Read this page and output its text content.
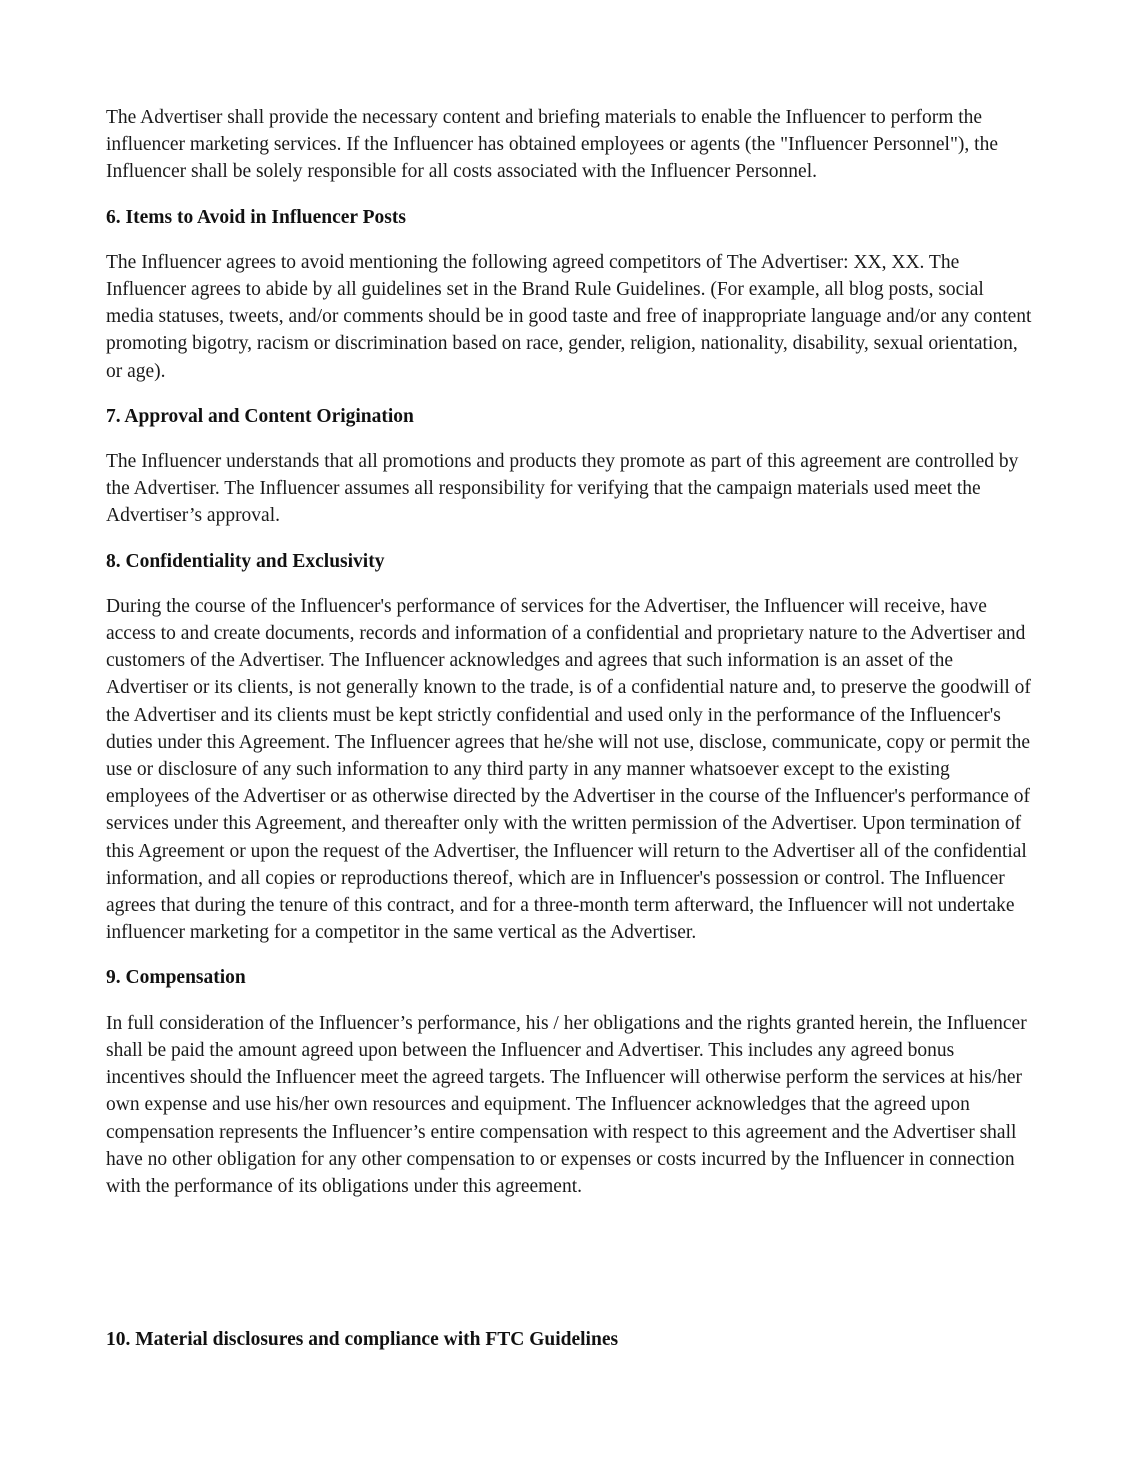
The Advertiser shall provide the necessary content and briefing materials to enable the Influencer to perform the influencer marketing services. If the Influencer has obtained employees or agents (the "Influencer Personnel"), the Influencer shall be solely responsible for all costs associated with the Influencer Personnel.

6. Items to Avoid in Influencer Posts

The Influencer agrees to avoid mentioning the following agreed competitors of The Advertiser: XX, XX. The Influencer agrees to abide by all guidelines set in the Brand Rule Guidelines. (For example, all blog posts, social media statuses, tweets, and/or comments should be in good taste and free of inappropriate language and/or any content promoting bigotry, racism or discrimination based on race, gender, religion, nationality, disability, sexual orientation, or age).

7. Approval and Content Origination

The Influencer understands that all promotions and products they promote as part of this agreement are controlled by the Advertiser. The Influencer assumes all responsibility for verifying that the campaign materials used meet the Advertiser’s approval.

8. Confidentiality and Exclusivity

During the course of the Influencer's performance of services for the Advertiser, the Influencer will receive, have access to and create documents, records and information of a confidential and proprietary nature to the Advertiser and customers of the Advertiser. The Influencer acknowledges and agrees that such information is an asset of the Advertiser or its clients, is not generally known to the trade, is of a confidential nature and, to preserve the goodwill of the Advertiser and its clients must be kept strictly confidential and used only in the performance of the Influencer's duties under this Agreement. The Influencer agrees that he/she will not use, disclose, communicate, copy or permit the use or disclosure of any such information to any third party in any manner whatsoever except to the existing employees of the Advertiser or as otherwise directed by the Advertiser in the course of the Influencer's performance of services under this Agreement, and thereafter only with the written permission of the Advertiser. Upon termination of this Agreement or upon the request of the Advertiser, the Influencer will return to the Advertiser all of the confidential information, and all copies or reproductions thereof, which are in Influencer's possession or control. The Influencer agrees that during the tenure of this contract, and for a three-month term afterward, the Influencer will not undertake influencer marketing for a competitor in the same vertical as the Advertiser.

9. Compensation

In full consideration of the Influencer’s performance, his / her obligations and the rights granted herein, the Influencer shall be paid the amount agreed upon between the Influencer and Advertiser. This includes any agreed bonus incentives should the Influencer meet the agreed targets. The Influencer will otherwise perform the services at his/her own expense and use his/her own resources and equipment. The Influencer acknowledges that the agreed upon compensation represents the Influencer’s entire compensation with respect to this agreement and the Advertiser shall have no other obligation for any other compensation to or expenses or costs incurred by the Influencer in connection with the performance of its obligations under this agreement.

10. Material disclosures and compliance with FTC Guidelines
